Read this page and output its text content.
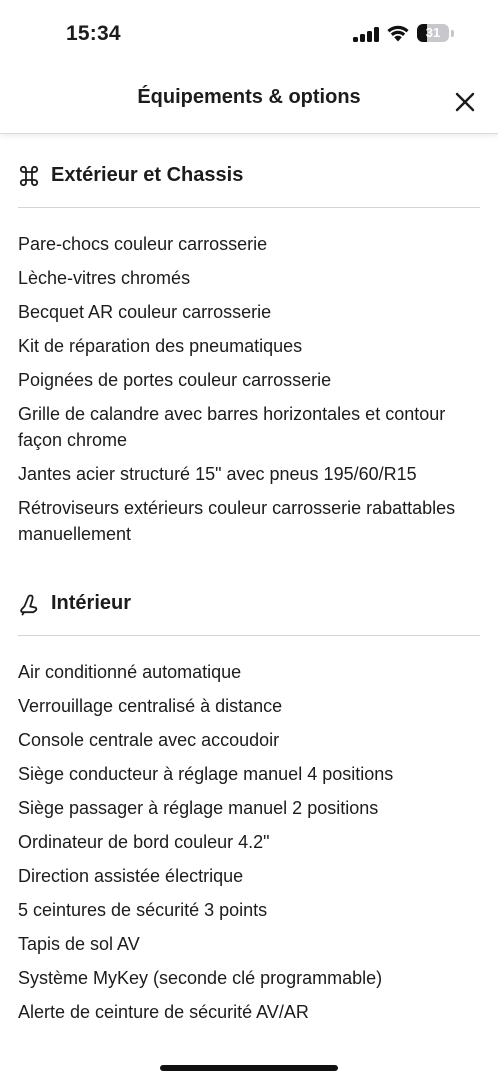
15:34	31
Équipements & options
Extérieur et Chassis
Pare-chocs couleur carrosserie
Lèche-vitres chromés
Becquet AR couleur carrosserie
Kit de réparation des pneumatiques
Poignées de portes couleur carrosserie
Grille de calandre avec barres horizontales et contour façon chrome
Jantes acier structuré 15" avec pneus 195/60/R15
Rétroviseurs extérieurs couleur carrosserie rabattables manuellement
Intérieur
Air conditionné automatique
Verrouillage centralisé à distance
Console centrale avec accoudoir
Siège conducteur à réglage manuel 4 positions
Siège passager à réglage manuel 2 positions
Ordinateur de bord couleur 4.2"
Direction assistée électrique
5 ceintures de sécurité 3 points
Tapis de sol AV
Système MyKey (seconde clé programmable)
Alerte de ceinture de sécurité AV/AR
